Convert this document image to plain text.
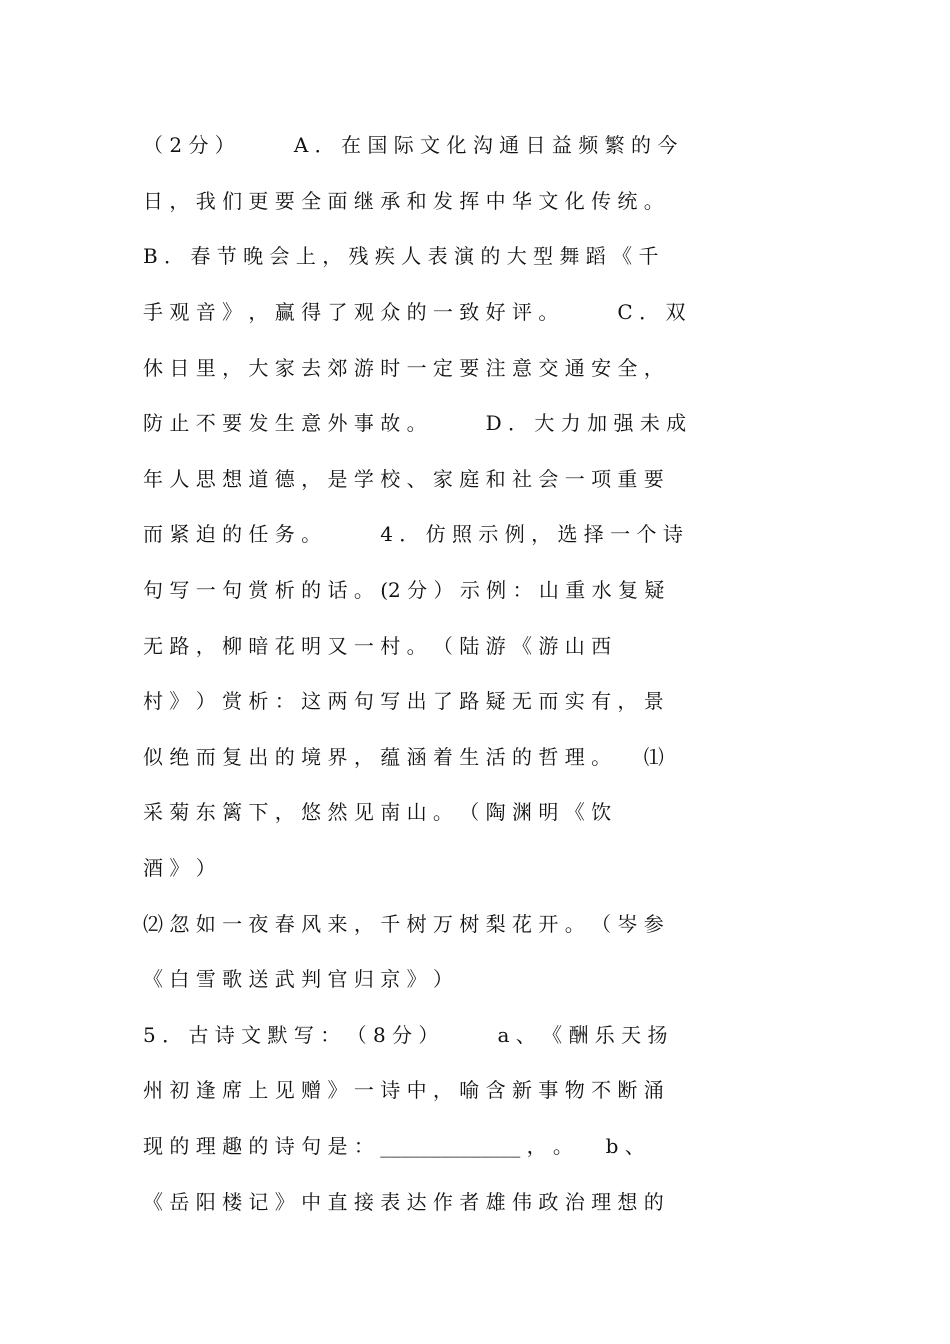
（ 2 分 ） 　 　 A ． 在 国 际 文 化 沟 通 日 益 频 繁 的 今
日 ， 我 们 更 要 全 面 继 承 和 发 挥 中 华 文 化 传 统 。
B ． 春 节 晚 会 上 ， 残 疾 人 表 演 的 大 型 舞 蹈 《 千
手 观 音 》 ， 赢 得 了 观 众 的 一 致 好 评 。 　 　 C ． 双
休 日 里 ， 大 家 去 郊 游 时 一 定 要 注 意 交 通 安 全 ，
防 止 不 要 发 生 意 外 事 故 。 　 　 D ． 大 力 加 强 未 成
年 人 思 想 道 德 ， 是 学 校 、 家 庭 和 社 会 一 项 重 要
而 紧 迫 的 任 务 。 　 　 4 ． 仿 照 示 例 ， 选 择 一 个 诗
句 写 一 句 赏 析 的 话 。 (2 分 ） 示 例 ： 山 重 水 复 疑
无 路 ， 柳 暗 花 明 又 一 村 。 （ 陆 游 《 游 山 西
村 》 ） 赏 析 ： 这 两 句 写 出 了 路 疑 无 而 实 有 ， 景
似 绝 而 复 出 的 境 界 ， 蕴 涵 着 生 活 的 哲 理 。 　 ⑴
采 菊 东 篱 下 ， 悠 然 见 南 山 。 （ 陶 渊 明 《 饮
酒 》 ）
⑵ 忽 如 一 夜 春 风 来 ， 千 树 万 树 梨 花 开 。 （ 岑 参
《 白 雪 歌 送 武 判 官 归 京 》 ）
5 ． 古 诗 文 默 写 ： （ 8 分 ） 　 　 a 、 《 酬 乐 天 扬
州 初 逢 席 上 见 赠 》 一 诗 中 ， 喻 含 新 事 物 不 断 涌
现 的 理 趣 的 诗 句 是 ： ______________ ， 。 　 b 、
《 岳 阳 楼 记 》 中 直 接 表 达 作 者 雄 伟 政 治 理 想 的
